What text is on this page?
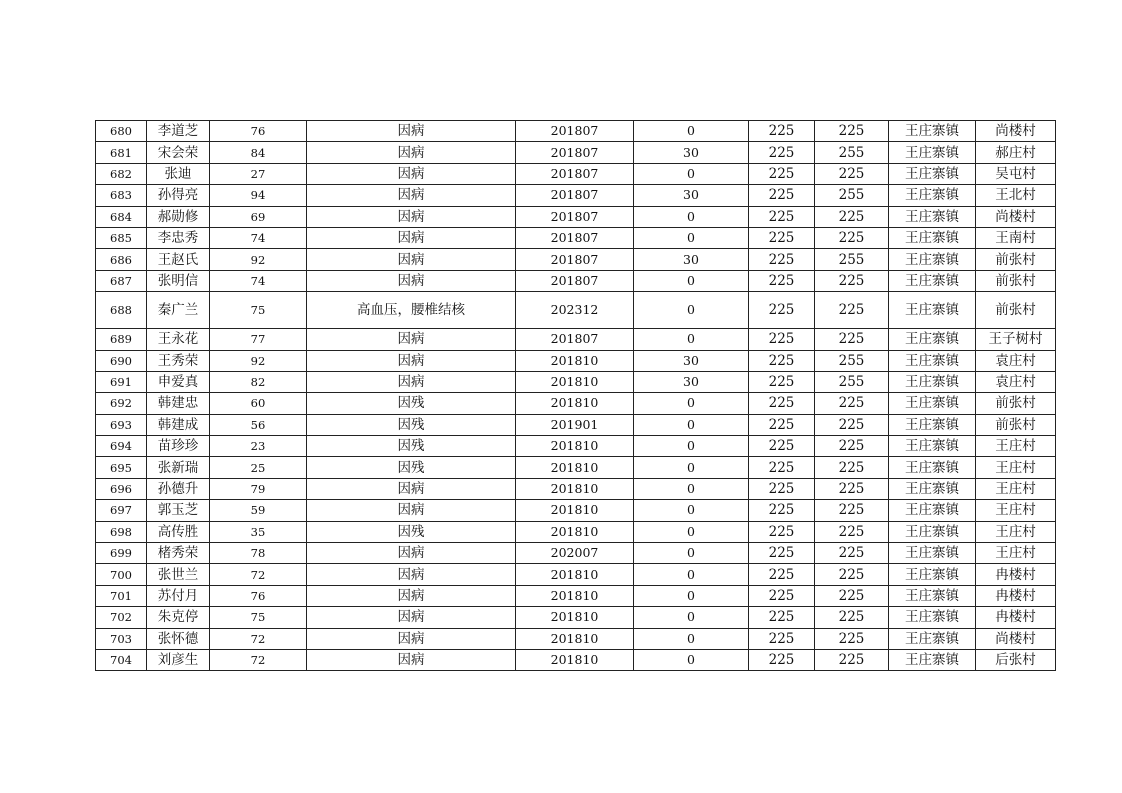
680	李道芝	76	因病	201807	0	225	225	王庄寨镇	尚楼村
681	宋会荣	84	因病	201807	30	225	255	王庄寨镇	郝庄村
682	张迪	27	因病	201807	0	225	225	王庄寨镇	吴屯村
683	孙得亮	94	因病	201807	30	225	255	王庄寨镇	王北村
684	郝勋修	69	因病	201807	0	225	225	王庄寨镇	尚楼村
685	李忠秀	74	因病	201807	0	225	225	王庄寨镇	王南村
686	王赵氏	92	因病	201807	30	225	255	王庄寨镇	前张村
687	张明信	74	因病	201807	0	225	225	王庄寨镇	前张村
688	秦广兰	75	高血压，腰椎结核	202312	0	225	225	王庄寨镇	前张村
689	王永花	77	因病	201807	0	225	225	王庄寨镇	王子树村
690	王秀荣	92	因病	201810	30	225	255	王庄寨镇	袁庄村
691	申爱真	82	因病	201810	30	225	255	王庄寨镇	袁庄村
692	韩建忠	60	因残	201810	0	225	225	王庄寨镇	前张村
693	韩建成	56	因残	201901	0	225	225	王庄寨镇	前张村
694	苗珍珍	23	因残	201810	0	225	225	王庄寨镇	王庄村
695	张新瑞	25	因残	201810	0	225	225	王庄寨镇	王庄村
696	孙德升	79	因病	201810	0	225	225	王庄寨镇	王庄村
697	郭玉芝	59	因病	201810	0	225	225	王庄寨镇	王庄村
698	高传胜	35	因残	201810	0	225	225	王庄寨镇	王庄村
699	楮秀荣	78	因病	202007	0	225	225	王庄寨镇	王庄村
700	张世兰	72	因病	201810	0	225	225	王庄寨镇	冉楼村
701	苏付月	76	因病	201810	0	225	225	王庄寨镇	冉楼村
702	朱克停	75	因病	201810	0	225	225	王庄寨镇	冉楼村
703	张怀德	72	因病	201810	0	225	225	王庄寨镇	尚楼村
704	刘彦生	72	因病	201810	0	225	225	王庄寨镇	后张村
